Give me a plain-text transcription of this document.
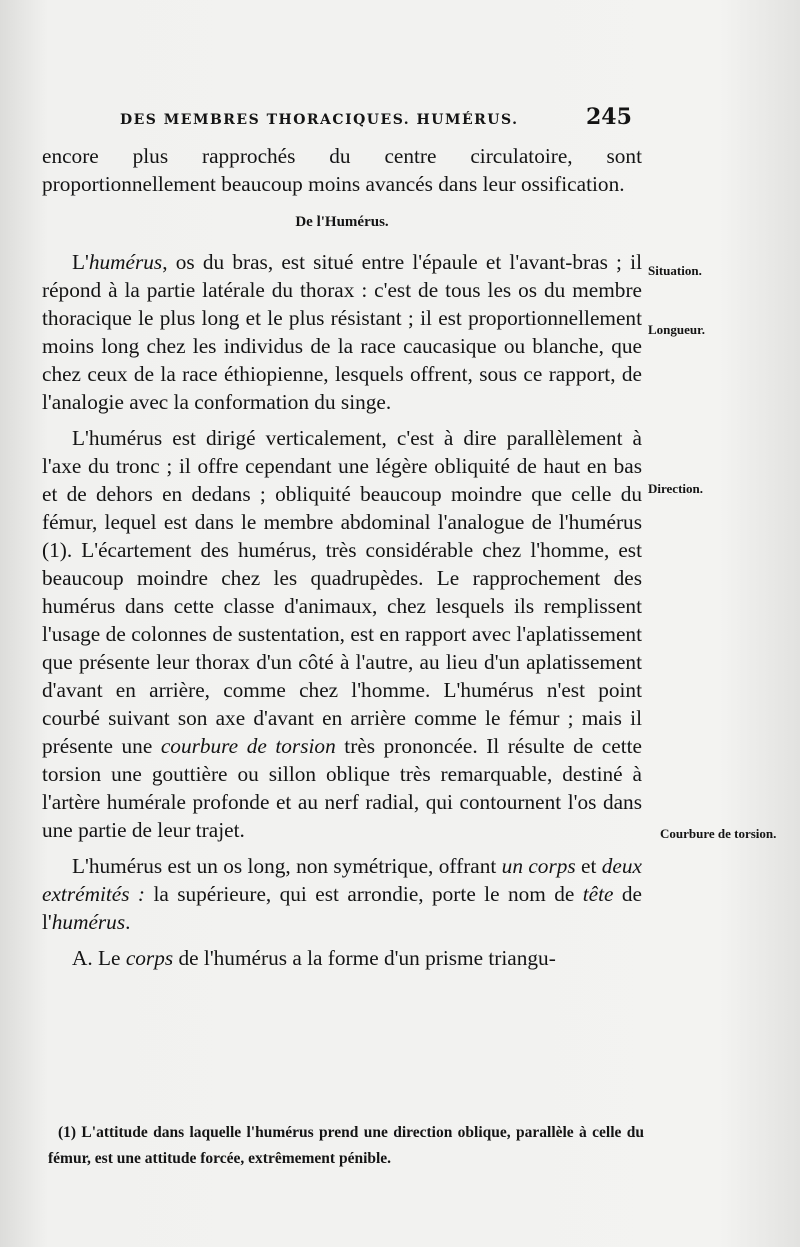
DES MEMBRES THORACIQUES. HUMÉRUS.	245

encore plus rapprochés du centre circulatoire, sont proportionnellement beaucoup moins avancés dans leur ossification.

De l'Humérus.

L'humérus, os du bras, est situé entre l'épaule et l'avant-bras ; il répond à la partie latérale du thorax : c'est de tous les os du membre thoracique le plus long et le plus résistant ; il est proportionnellement moins long chez les individus de la race caucasique ou blanche, que chez ceux de la race éthiopienne, lesquels offrent, sous ce rapport, de l'analogie avec la conformation du singe.

L'humérus est dirigé verticalement, c'est à dire parallèlement à l'axe du tronc ; il offre cependant une légère obliquité de haut en bas et de dehors en dedans ; obliquité beaucoup moindre que celle du fémur, lequel est dans le membre abdominal l'analogue de l'humérus (1). L'écartement des humérus, très considérable chez l'homme, est beaucoup moindre chez les quadrupèdes. Le rapprochement des humérus dans cette classe d'animaux, chez lesquels ils remplissent l'usage de colonnes de sustentation, est en rapport avec l'aplatissement que présente leur thorax d'un côté à l'autre, au lieu d'un aplatissement d'avant en arrière, comme chez l'homme. L'humérus n'est point courbé suivant son axe d'avant en arrière comme le fémur ; mais il présente une courbure de torsion très prononcée. Il résulte de cette torsion une gouttière ou sillon oblique très remarquable, destiné à l'artère humérale profonde et au nerf radial, qui contournent l'os dans une partie de leur trajet.

L'humérus est un os long, non symétrique, offrant un corps et deux extrémités : la supérieure, qui est arrondie, porte le nom de tête de l'humérus.

A. Le corps de l'humérus a la forme d'un prisme triangu-

Situation.
Longueur.
Direction.
Courbure de torsion.

(1) L'attitude dans laquelle l'humérus prend une direction oblique, parallèle à celle du fémur, est une attitude forcée, extrêmement pénible.
